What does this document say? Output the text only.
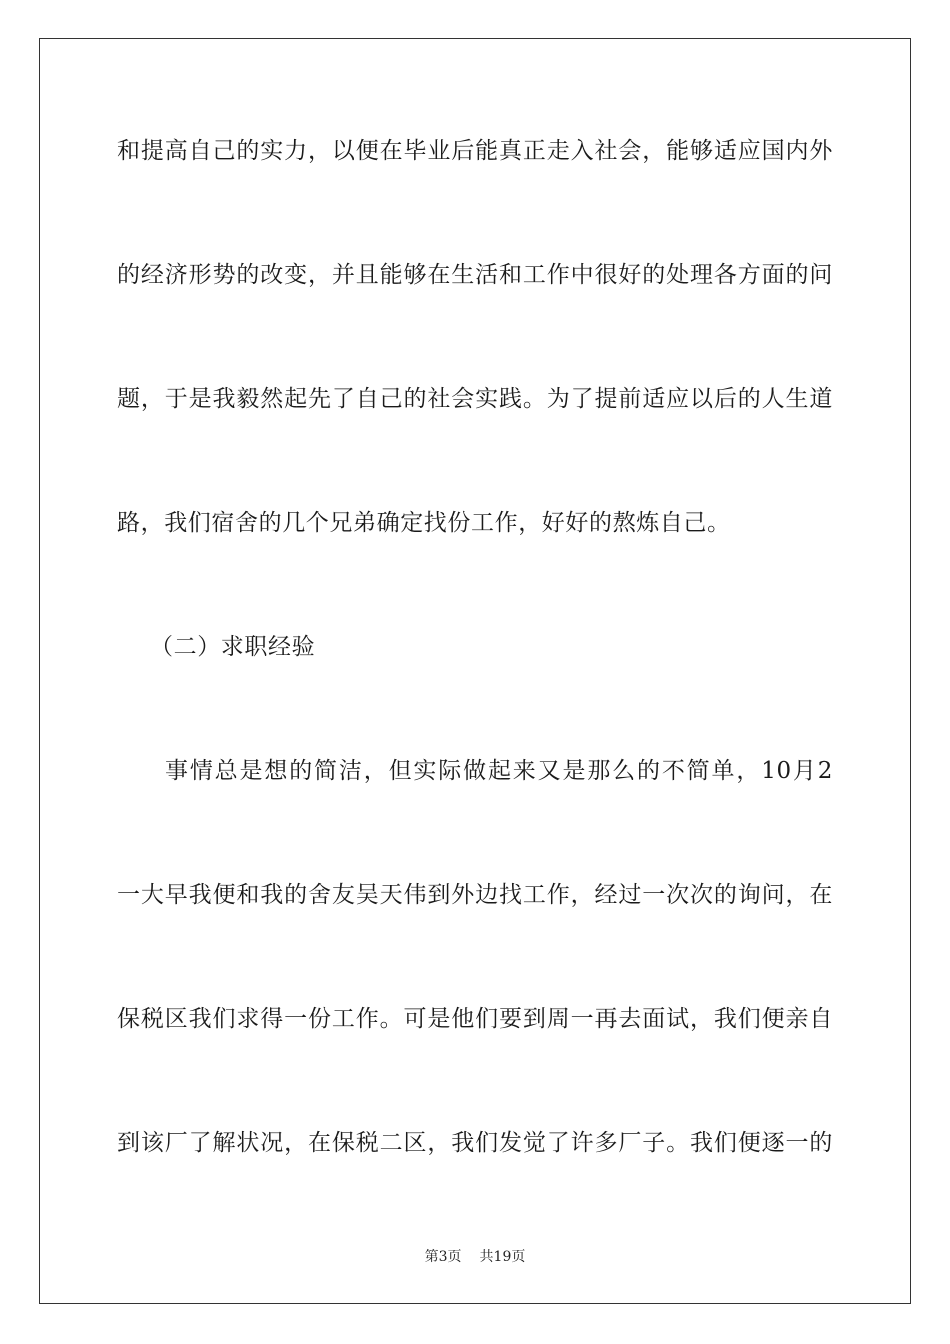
和提高自己的实力，以便在毕业后能真正走入社会，能够适应国内外
的经济形势的改变，并且能够在生活和工作中很好的处理各方面的问
题，于是我毅然起先了自己的社会实践。为了提前适应以后的人生道
路，我们宿舍的几个兄弟确定找份工作，好好的熬炼自己。
（二）求职经验
事情总是想的简洁，但实际做起来又是那么的不简单，10月2
一大早我便和我的舍友吴天伟到外边找工作，经过一次次的询问，在
保税区我们求得一份工作。可是他们要到周一再去面试，我们便亲自
到该厂了解状况，在保税二区，我们发觉了许多厂子。我们便逐一的
第3页 共19页
